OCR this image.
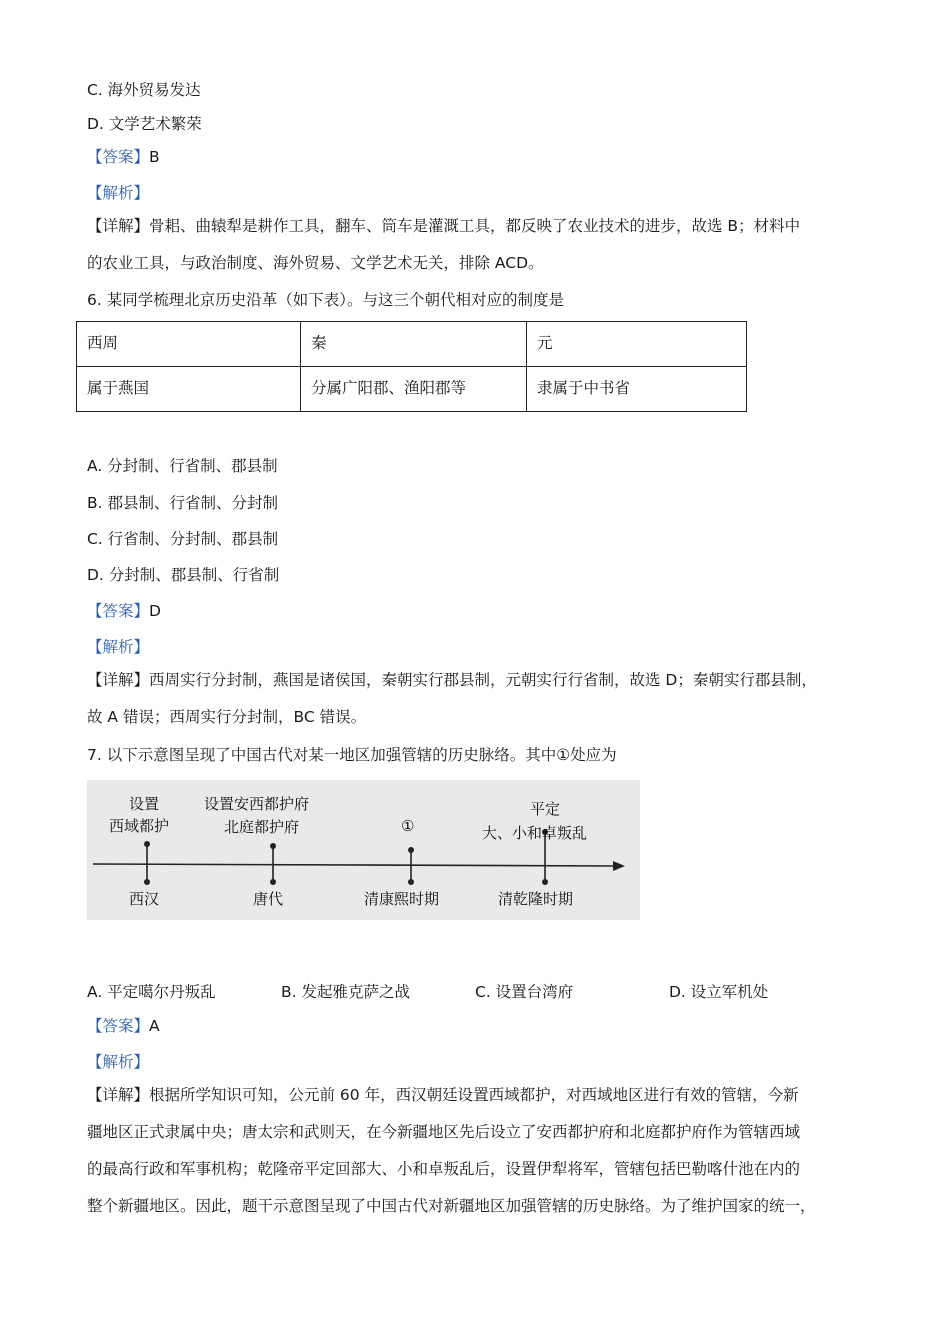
C. 海外贸易发达
D. 文学艺术繁荣
【答案】B
【解析】

【详解】骨耜、曲辕犁是耕作工具，翻车、筒车是灌溉工具，都反映了农业技术的进步，故选 B；材料中

的农业工具，与政治制度、海外贸易、文学艺术无关，排除 ACD。

6. 某同学梳理北京历史沿革（如下表）。与这三个朝代相对应的制度是
西周	秦	元
属于燕国	分属广阳郡、渔阳郡等	隶属于中书省
A. 分封制、行省制、郡县制
B. 郡县制、行省制、分封制
C. 行省制、分封制、郡县制
D. 分封制、郡县制、行省制
【答案】D
【解析】

【详解】西周实行分封制，燕国是诸侯国，秦朝实行郡县制，元朝实行行省制，故选 D；秦朝实行郡县制，

故 A 错误；西周实行分封制，BC 错误。

7. 以下示意图呈现了中国古代对某一地区加强管辖的历史脉络。其中①处应为
设置
西域都护
设置安西都护府
北庭都护府	①
平定
大、小和卓叛乱
西汉	唐代	清康熙时期	清乾隆时期
A. 平定噶尔丹叛乱	B. 发起雅克萨之战	C. 设置台湾府	D. 设立军机处
【答案】A
【解析】

【详解】根据所学知识可知，公元前 60 年，西汉朝廷设置西域都护，对西域地区进行有效的管辖，今新

疆地区正式隶属中央；唐太宗和武则天，在今新疆地区先后设立了安西都护府和北庭都护府作为管辖西域

的最高行政和军事机构；乾隆帝平定回部大、小和卓叛乱后，设置伊犁将军，管辖包括巴勒喀什池在内的

整个新疆地区。因此，题干示意图呈现了中国古代对新疆地区加强管辖的历史脉络。为了维护国家的统一，
